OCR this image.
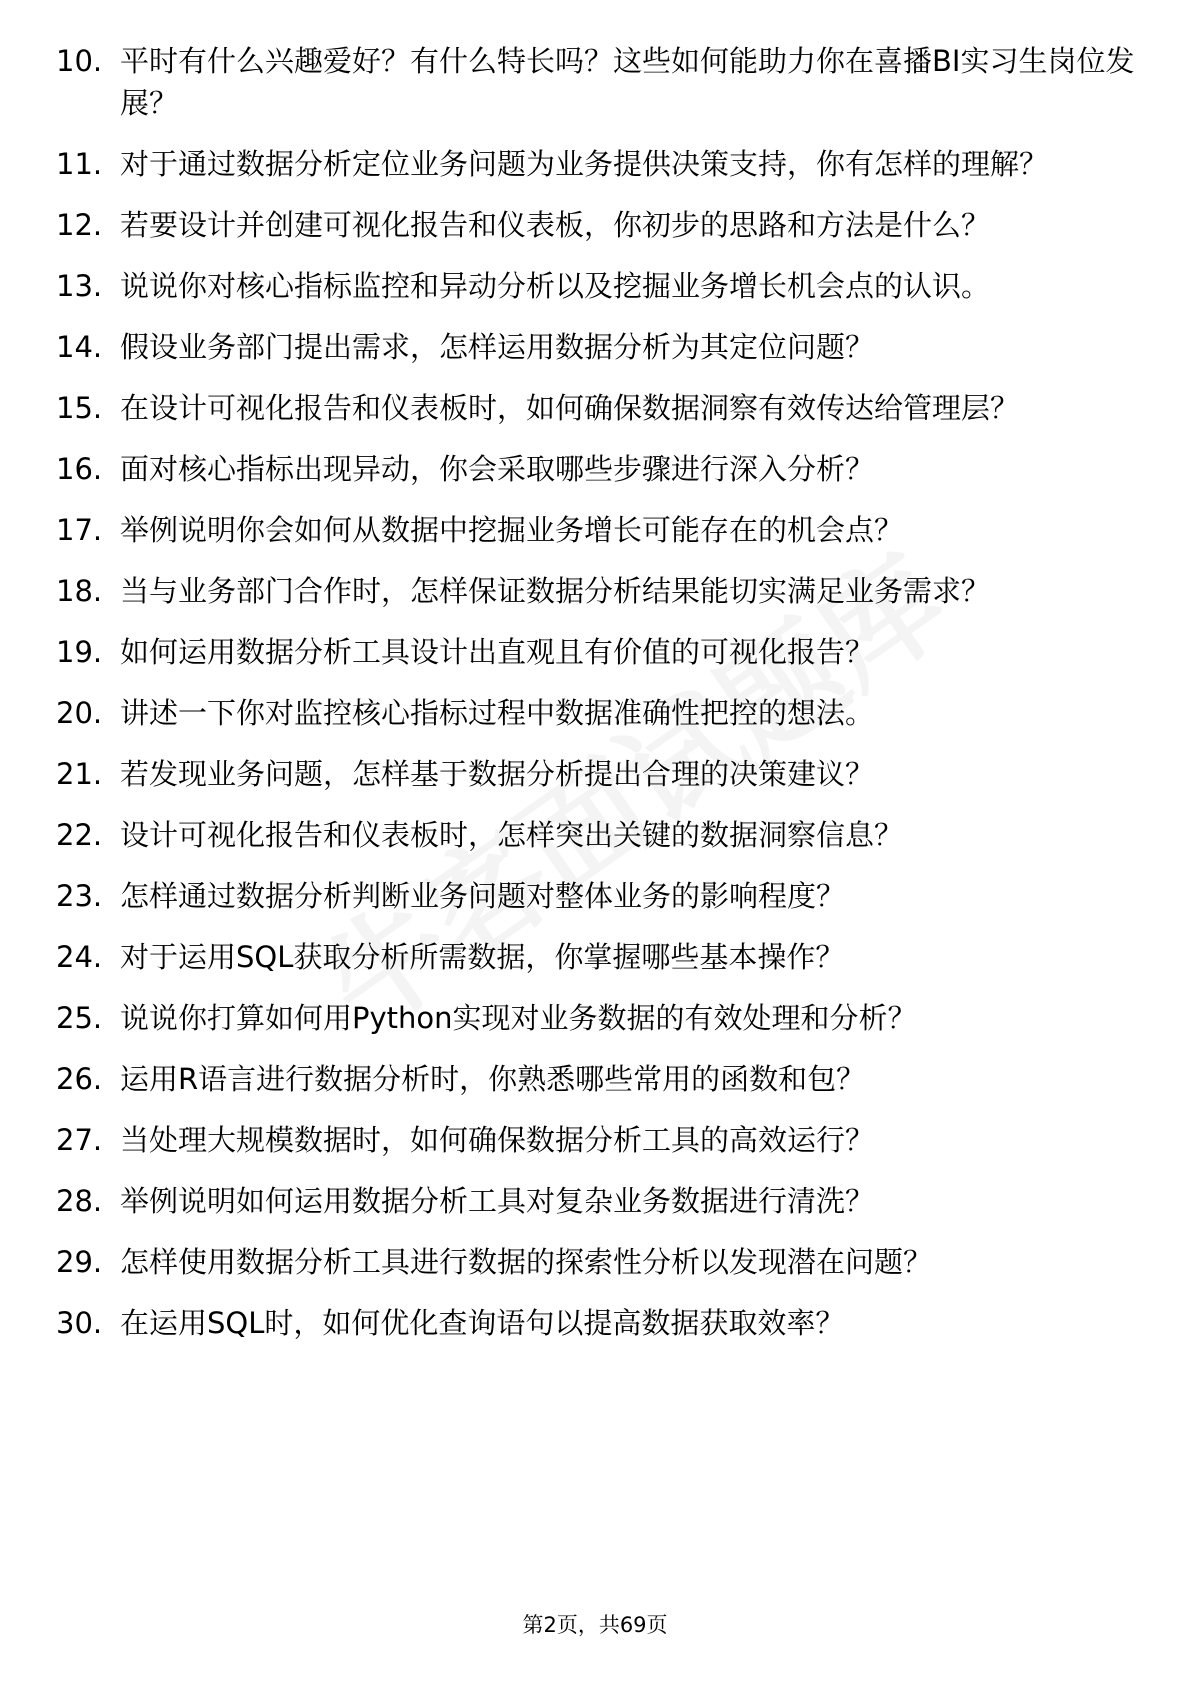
10. 平时有什么兴趣爱好？有什么特长吗？这些如何能助力你在喜播BI实习生岗位发展？
11. 对于通过数据分析定位业务问题为业务提供决策支持，你有怎样的理解？
12. 若要设计并创建可视化报告和仪表板，你初步的思路和方法是什么？
13. 说说你对核心指标监控和异动分析以及挖掘业务增长机会点的认识。
14. 假设业务部门提出需求，怎样运用数据分析为其定位问题？
15. 在设计可视化报告和仪表板时，如何确保数据洞察有效传达给管理层？
16. 面对核心指标出现异动，你会采取哪些步骤进行深入分析？
17. 举例说明你会如何从数据中挖掘业务增长可能存在的机会点？
18. 当与业务部门合作时，怎样保证数据分析结果能切实满足业务需求？
19. 如何运用数据分析工具设计出直观且有价值的可视化报告？
20. 讲述一下你对监控核心指标过程中数据准确性把控的想法。
21. 若发现业务问题，怎样基于数据分析提出合理的决策建议？
22. 设计可视化报告和仪表板时，怎样突出关键的数据洞察信息？
23. 怎样通过数据分析判断业务问题对整体业务的影响程度？
24. 对于运用SQL获取分析所需数据，你掌握哪些基本操作？
25. 说说你打算如何用Python实现对业务数据的有效处理和分析？
26. 运用R语言进行数据分析时，你熟悉哪些常用的函数和包？
27. 当处理大规模数据时，如何确保数据分析工具的高效运行？
28. 举例说明如何运用数据分析工具对复杂业务数据进行清洗？
29. 怎样使用数据分析工具进行数据的探索性分析以发现潜在问题？
30. 在运用SQL时，如何优化查询语句以提高数据获取效率？
第2页，共69页
